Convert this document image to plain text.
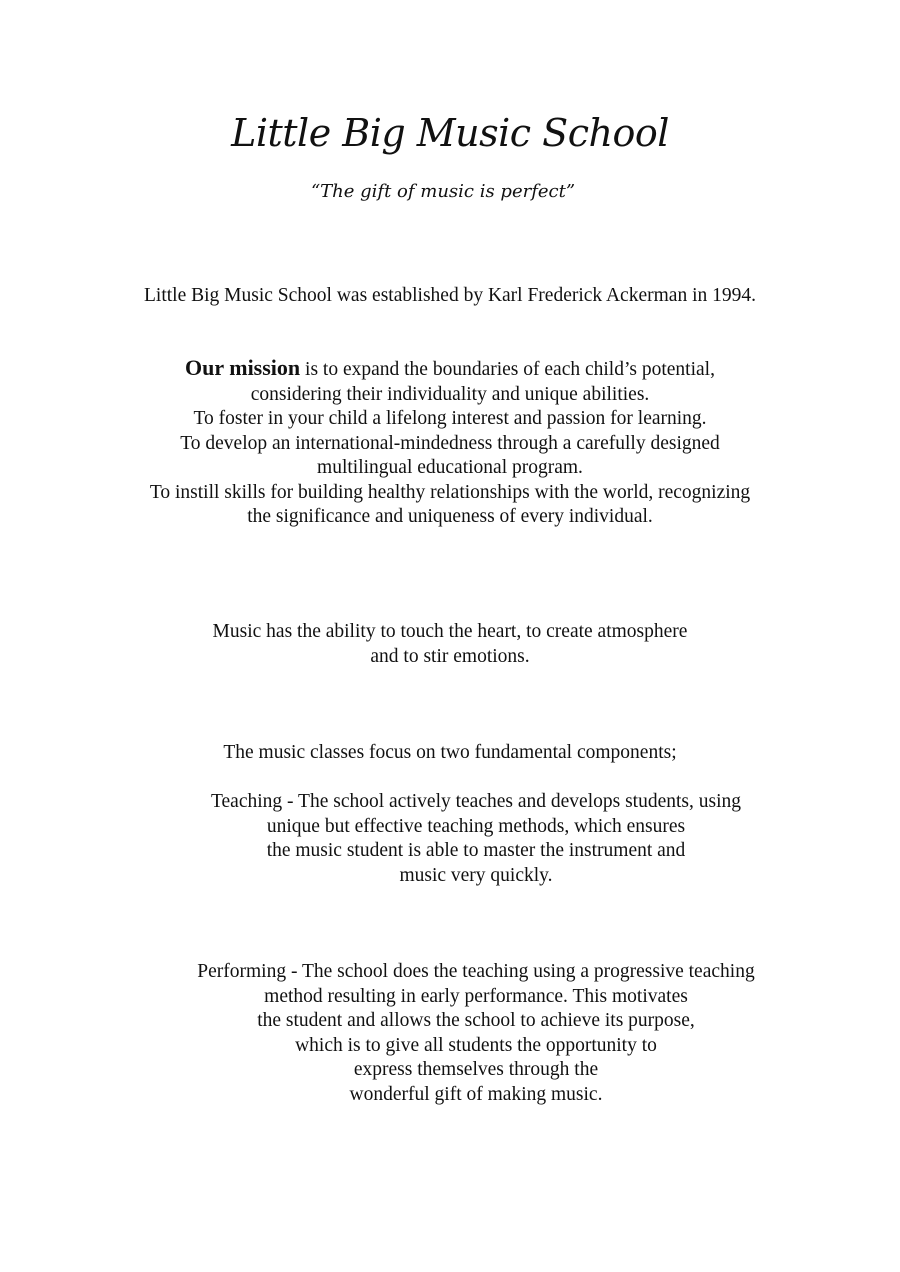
Little Big Music School
“The gift of music is perfect”

Little Big Music School was established by Karl Frederick Ackerman in 1994.

Our mission is to expand the boundaries of each child’s potential,

considering their individuality and unique abilities.

To foster in your child a lifelong interest and passion for learning.

To develop an international-mindedness through a carefully designed

multilingual educational program.

To instill skills for building healthy relationships with the world, recognizing

the significance and uniqueness of every individual.

Music has the ability to touch the heart, to create atmosphere

and to stir emotions.

The music classes focus on two fundamental components;

Teaching - The school actively teaches and develops students, using

unique but effective teaching methods, which ensures

the music student is able to master the instrument and

music very quickly.

Performing - The school does the teaching using a progressive teaching

method resulting in early performance. This motivates

the student and allows the school to achieve its purpose,

which is to give all students the opportunity to

express themselves through the

wonderful gift of making music.
